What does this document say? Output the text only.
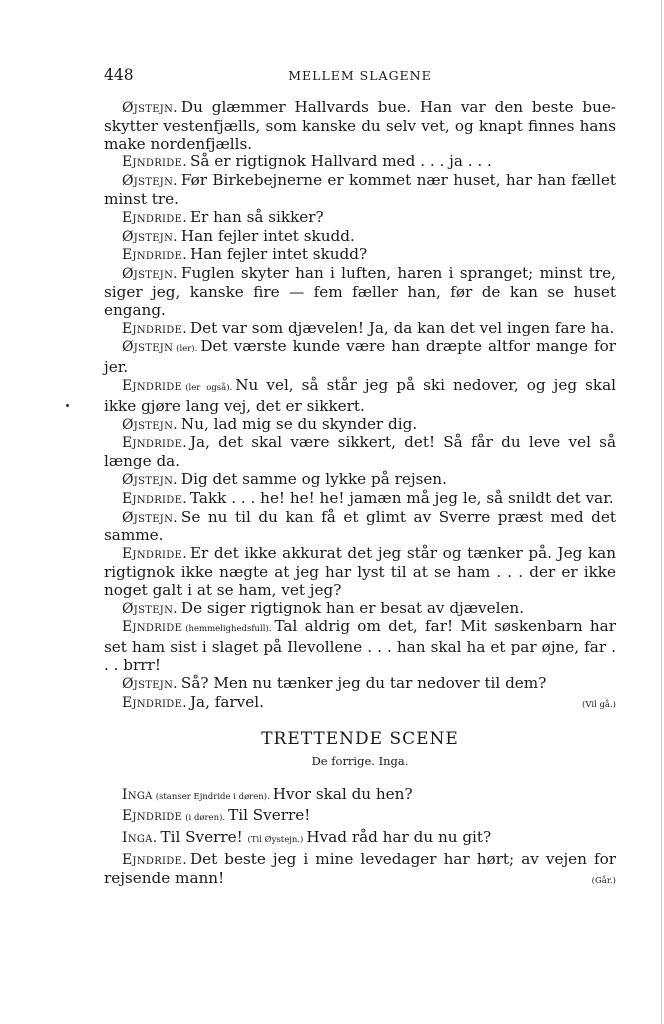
448	MELLEM SLAGENE

Øjstejn. Du glæmmer Hallvards bue. Han var den beste bue-skytter vestenfjælls, som kanske du selv vet, og knapt finnes hans make nordenfjælls.

Ejndride. Så er rigtignok Hallvard med . . . ja . . .

Øjstejn. Før Birkebejnerne er kommet nær huset, har han fællet minst tre.

Ejndride. Er han så sikker?

Øjstejn. Han fejler intet skudd.

Ejndride. Han fejler intet skudd?

Øjstejn. Fuglen skyter han i luften, haren i spranget; minst tre, siger jeg, kanske fire — fem fæller han, før de kan se huset engang.

Ejndride. Det var som djævelen! Ja, da kan det vel ingen fare ha.

Øjstejn (ler). Det værste kunde være han dræpte altfor mange for jer.

Ejndride (ler også). Nu vel, så står jeg på ski nedover, og jeg skal ikke gjøre lang vej, det er sikkert.

Øjstejn. Nu, lad mig se du skynder dig.

Ejndride. Ja, det skal være sikkert, det! Så får du leve vel så længe da.

Øjstejn. Dig det samme og lykke på rejsen.

Ejndride. Takk . . . he! he! he! jamæn må jeg le, så snildt det var.

Øjstejn. Se nu til du kan få et glimt av Sverre præst med det samme.

Ejndride. Er det ikke akkurat det jeg står og tænker på. Jeg kan rigtignok ikke nægte at jeg har lyst til at se ham . . . der er ikke noget galt i at se ham, vet jeg?

Øjstejn. De siger rigtignok han er besat av djævelen.

Ejndride (hemmelighedsfull). Tal aldrig om det, far! Mit søskenbarn har set ham sist i slaget på Ilevollene . . . han skal ha et par øjne, far . . . brrr!

Øjstejn. Så? Men nu tænker jeg du tar nedover til dem?

Ejndride. Ja, farvel.	(Vil gå.)

TRETTENDE SCENE
De forrige. Inga.

Inga (stanser Ejndride i døren). Hvor skal du hen?

Ejndride (i døren). Til Sverre!

Inga. Til Sverre! (Til Øystejn.) Hvad råd har du nu git?

Ejndride. Det beste jeg i mine levedager har hørt; av vejen for rejsende mann!	(Går.)
